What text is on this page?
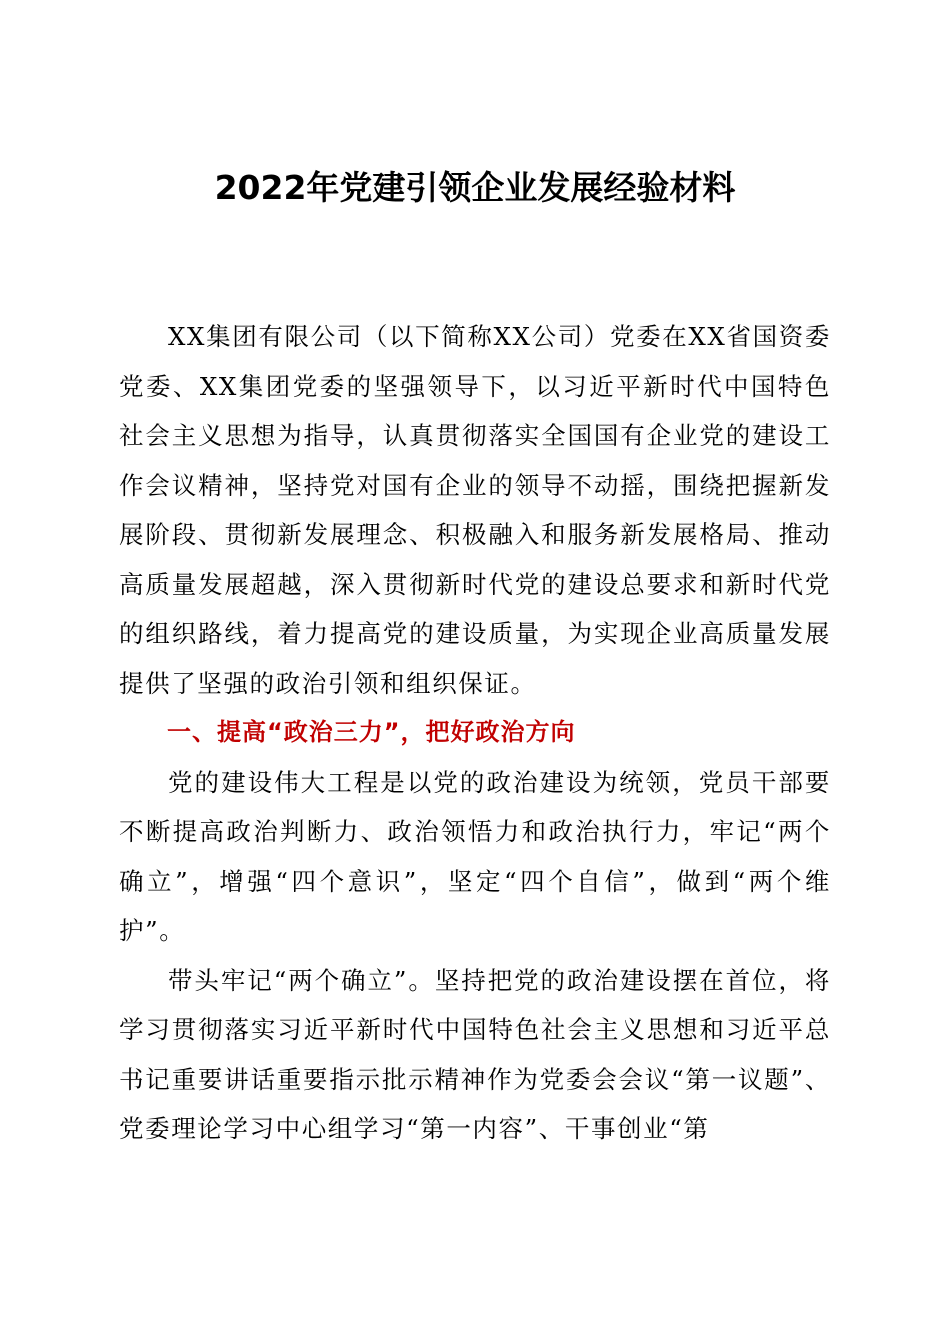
2022年党建引领企业发展经验材料

XX集团有限公司（以下简称XX公司）党委在XX省国资委党委、XX集团党委的坚强领导下，以习近平新时代中国特色社会主义思想为指导，认真贯彻落实全国国有企业党的建设工作会议精神，坚持党对国有企业的领导不动摇，围绕把握新发展阶段、贯彻新发展理念、积极融入和服务新发展格局、推动高质量发展超越，深入贯彻新时代党的建设总要求和新时代党的组织路线，着力提高党的建设质量，为实现企业高质量发展提供了坚强的政治引领和组织保证。

一、提高“政治三力”，把好政治方向

党的建设伟大工程是以党的政治建设为统领，党员干部要不断提高政治判断力、政治领悟力和政治执行力，牢记“两个确立”，增强“四个意识”，坚定“四个自信”，做到“两个维护”。

带头牢记“两个确立”。坚持把党的政治建设摆在首位，将学习贯彻落实习近平新时代中国特色社会主义思想和习近平总书记重要讲话重要指示批示精神作为党委会会议“第一议题”、党委理论学习中心组学习“第一内容”、干事创业“第
